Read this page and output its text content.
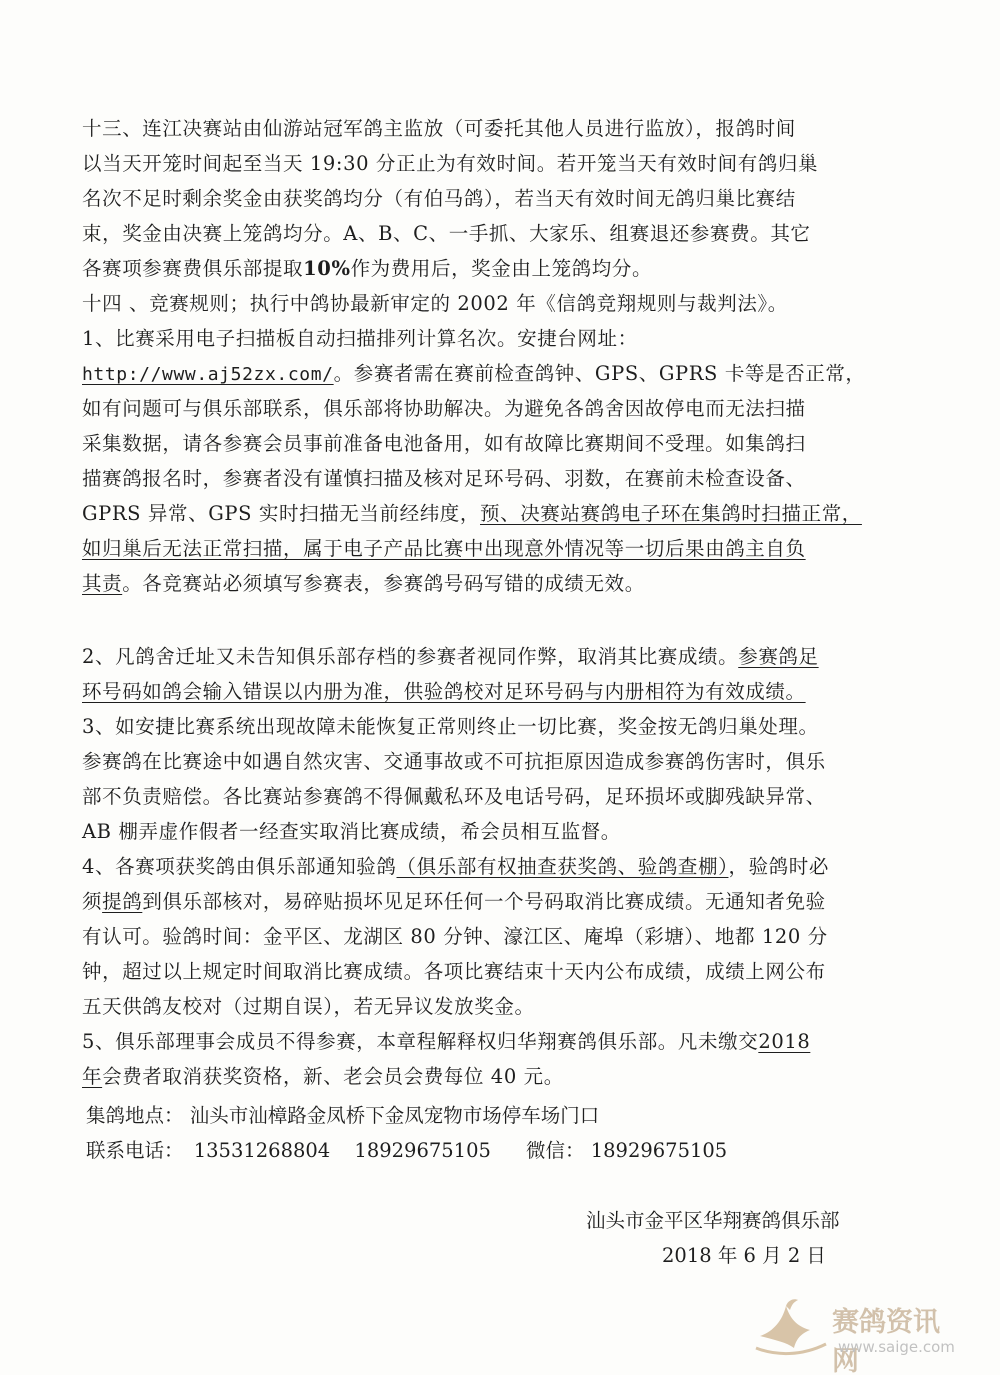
十三、连江决赛站由仙游站冠军鸽主监放（可委托其他人员进行监放），报鸽时间
以当天开笼时间起至当天 19:30 分正止为有效时间。若开笼当天有效时间有鸽归巢
名次不足时剩余奖金由获奖鸽均分（有伯马鸽），若当天有效时间无鸽归巢比赛结
束，奖金由决赛上笼鸽均分。A、B、C、一手抓、大家乐、组赛退还参赛费。其它
各赛项参赛费俱乐部提取10%作为费用后，奖金由上笼鸽均分。
十四 、竞赛规则；执行中鸽协最新审定的 2002 年《信鸽竞翔规则与裁判法》。
1、比赛采用电子扫描板自动扫描排列计算名次。安捷台网址：
http://www.aj52zx.com/。参赛者需在赛前检查鸽钟、GPS、GPRS 卡等是否正常，
如有问题可与俱乐部联系，俱乐部将协助解决。为避免各鸽舍因故停电而无法扫描
采集数据，请各参赛会员事前准备电池备用，如有故障比赛期间不受理。如集鸽扫
描赛鸽报名时，参赛者没有谨慎扫描及核对足环号码、羽数，在赛前未检查设备、
GPRS 异常、GPS 实时扫描无当前经纬度，预、决赛站赛鸽电子环在集鸽时扫描正常，
如归巢后无法正常扫描，属于电子产品比赛中出现意外情况等一切后果由鸽主自负
其责。各竞赛站必须填写参赛表，参赛鸽号码写错的成绩无效。
2、凡鸽舍迁址又未告知俱乐部存档的参赛者视同作弊，取消其比赛成绩。参赛鸽足
环号码如鸽会输入错误以内册为准，供验鸽校对足环号码与内册相符为有效成绩。
3、如安捷比赛系统出现故障未能恢复正常则终止一切比赛，奖金按无鸽归巢处理。
参赛鸽在比赛途中如遇自然灾害、交通事故或不可抗拒原因造成参赛鸽伤害时，俱乐
部不负责赔偿。各比赛站参赛鸽不得佩戴私环及电话号码，足环损坏或脚残缺异常、
AB 棚弄虚作假者一经查实取消比赛成绩，希会员相互监督。
4、各赛项获奖鸽由俱乐部通知验鸽（俱乐部有权抽查获奖鸽、验鸽查棚），验鸽时必
须提鸽到俱乐部核对，易碎贴损坏见足环任何一个号码取消比赛成绩。无通知者免验
有认可。验鸽时间：金平区、龙湖区 80 分钟、濠江区、庵埠（彩塘）、地都 120 分
钟，超过以上规定时间取消比赛成绩。各项比赛结束十天内公布成绩，成绩上网公布
五天供鸽友校对（过期自误），若无异议发放奖金。
5、俱乐部理事会成员不得参赛，本章程解释权归华翔赛鸽俱乐部。凡未缴交2018
年会费者取消获奖资格，新、老会员会费每位 40 元。
集鸽地点： 汕头市汕樟路金凤桥下金凤宠物市场停车场门口
联系电话： 13531268804 18929675105 微信： 18929675105
汕头市金平区华翔赛鸽俱乐部
2018 年 6 月 2 日
赛鸽资讯网
www.saige.com
